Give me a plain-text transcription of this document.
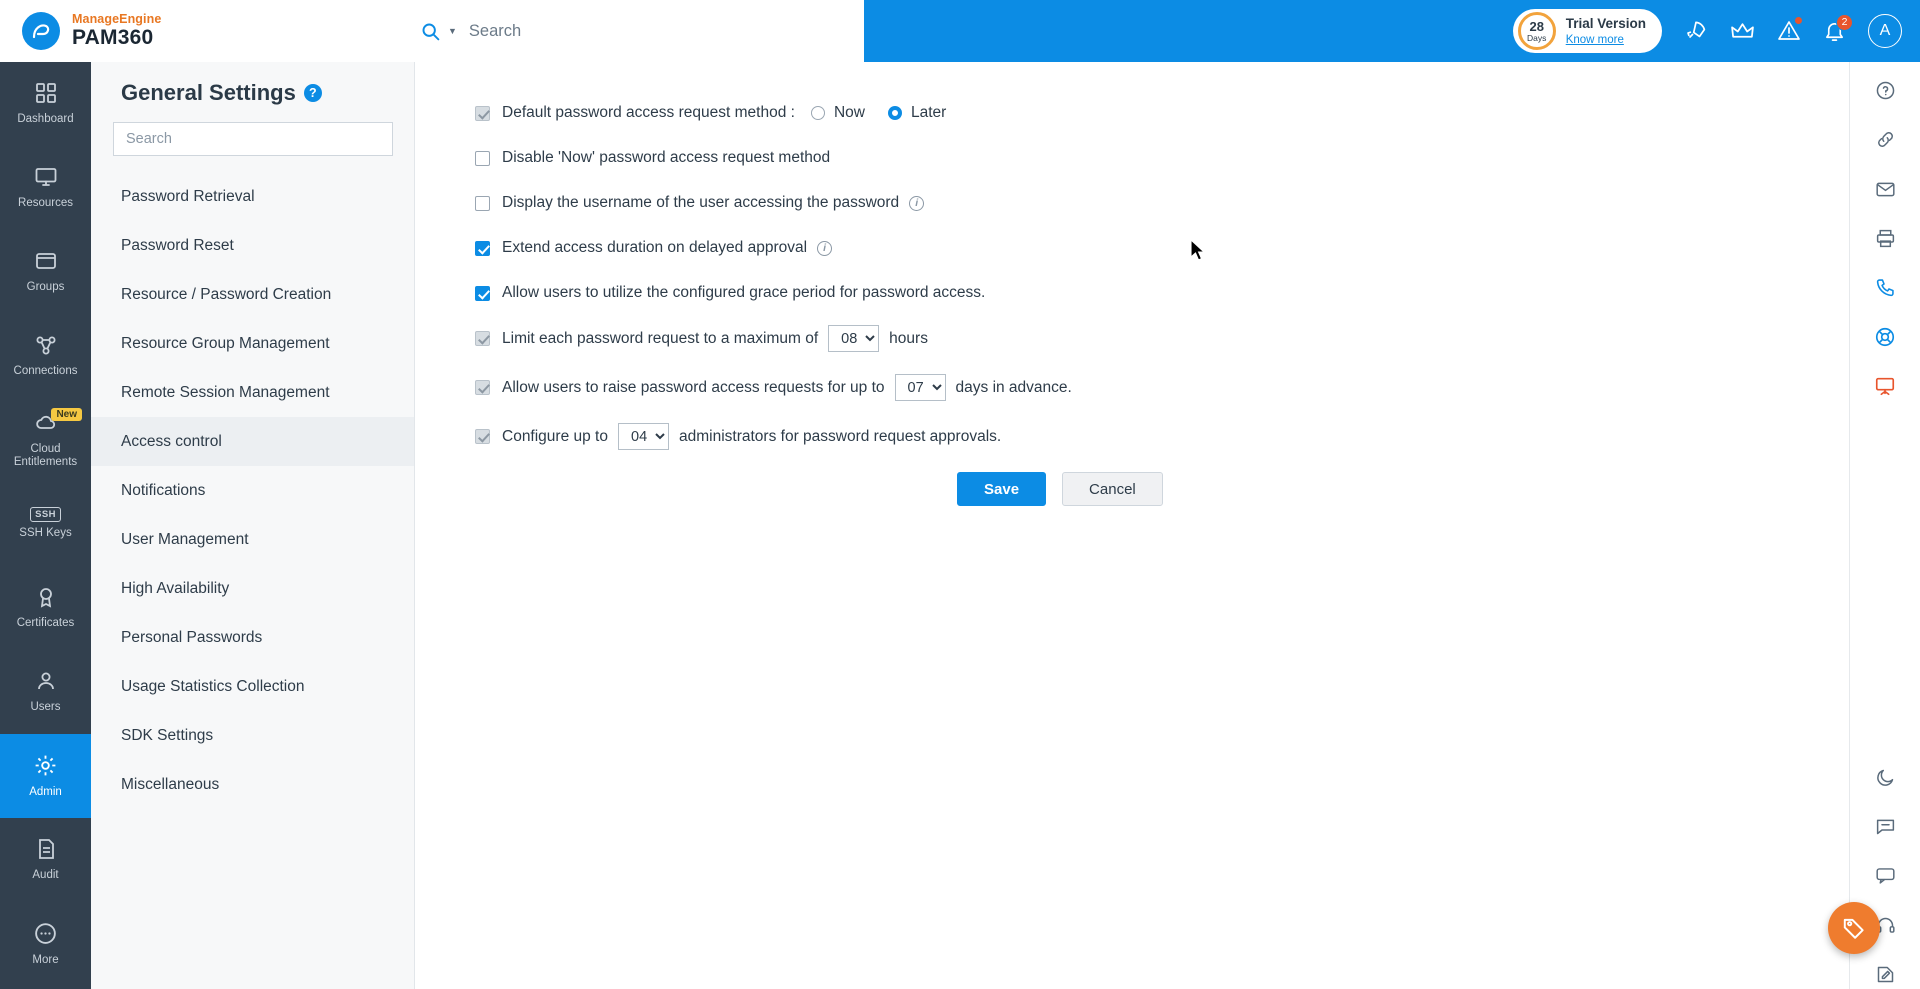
ManageEngine
PAM360	▼
Search	28
Days
Trial Version
Know more
2	A
Dashboard
Resources
Groups
Connections
New
Cloud Entitlements
SSH
SSH Keys
Certificates
Users
Admin
Audit
More
General Settings	?
Search
Password Retrieval
Password Reset
Resource / Password Creation
Resource Group Management
Remote Session Management
Access control
Notifications
User Management
High Availability
Personal Passwords
Usage Statistics Collection
SDK Settings
Miscellaneous
Default password access request method :	Now	Later
Disable 'Now' password access request method
Display the username of the user accessing the password	i
Extend access duration on delayed approval	i
Allow users to utilize the configured grace period for password access.
Limit each password request to a maximum of
08	hours
Allow users to raise password access requests for up to
07	days in advance.
Configure up to
04	administrators for password request approvals.
Save	Cancel
